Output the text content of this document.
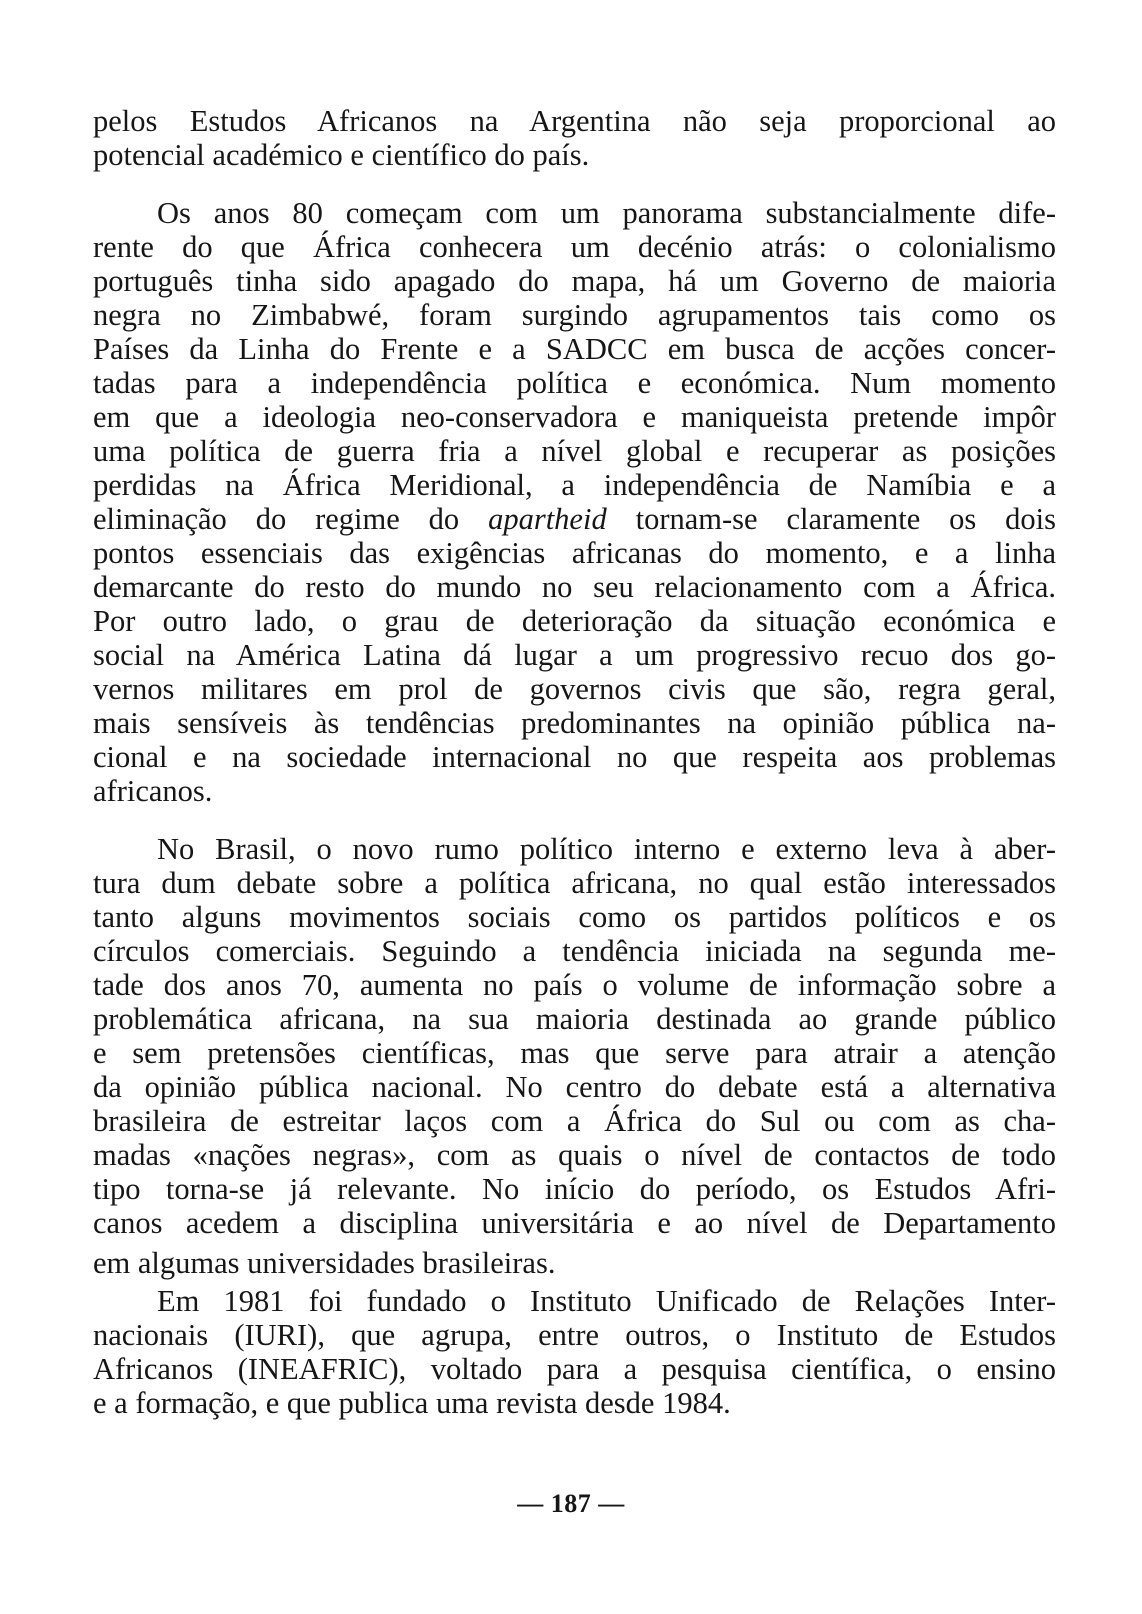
pelos Estudos Africanos na Argentina não seja proporcional ao
potencial académico e científico do país.

Os anos 80 começam com um panorama substancialmente dife-
rente do que África conhecera um decénio atrás: o colonialismo
português tinha sido apagado do mapa, há um Governo de maioria
negra no Zimbabwé, foram surgindo agrupamentos tais como os
Países da Linha do Frente e a SADCC em busca de acções concer-
tadas para a independência política e económica. Num momento
em que a ideologia neo-conservadora e maniqueista pretende impôr
uma política de guerra fria a nível global e recuperar as posições
perdidas na África Meridional, a independência de Namíbia e a
eliminação do regime do apartheid tornam-se claramente os dois
pontos essenciais das exigências africanas do momento, e a linha
demarcante do resto do mundo no seu relacionamento com a África.
Por outro lado, o grau de deterioração da situação económica e
social na América Latina dá lugar a um progressivo recuo dos go-
vernos militares em prol de governos civis que são, regra geral,
mais sensíveis às tendências predominantes na opinião pública na-
cional e na sociedade internacional no que respeita aos problemas
africanos.

No Brasil, o novo rumo político interno e externo leva à aber-
tura dum debate sobre a política africana, no qual estão interessados
tanto alguns movimentos sociais como os partidos políticos e os
círculos comerciais. Seguindo a tendência iniciada na segunda me-
tade dos anos 70, aumenta no país o volume de informação sobre a
problemática africana, na sua maioria destinada ao grande público
e sem pretensões científicas, mas que serve para atrair a atenção
da opinião pública nacional. No centro do debate está a alternativa
brasileira de estreitar laços com a África do Sul ou com as cha-
madas «nações negras», com as quais o nível de contactos de todo
tipo torna-se já relevante. No início do período, os Estudos Afri-
canos acedem a disciplina universitária e ao nível de Departamento
em algumas universidades brasileiras.

Em 1981 foi fundado o Instituto Unificado de Relações Inter-
nacionais (IURI), que agrupa, entre outros, o Instituto de Estudos
Africanos (INEAFRIC), voltado para a pesquisa científica, o ensino
e a formação, e que publica uma revista desde 1984.

— 187 —
